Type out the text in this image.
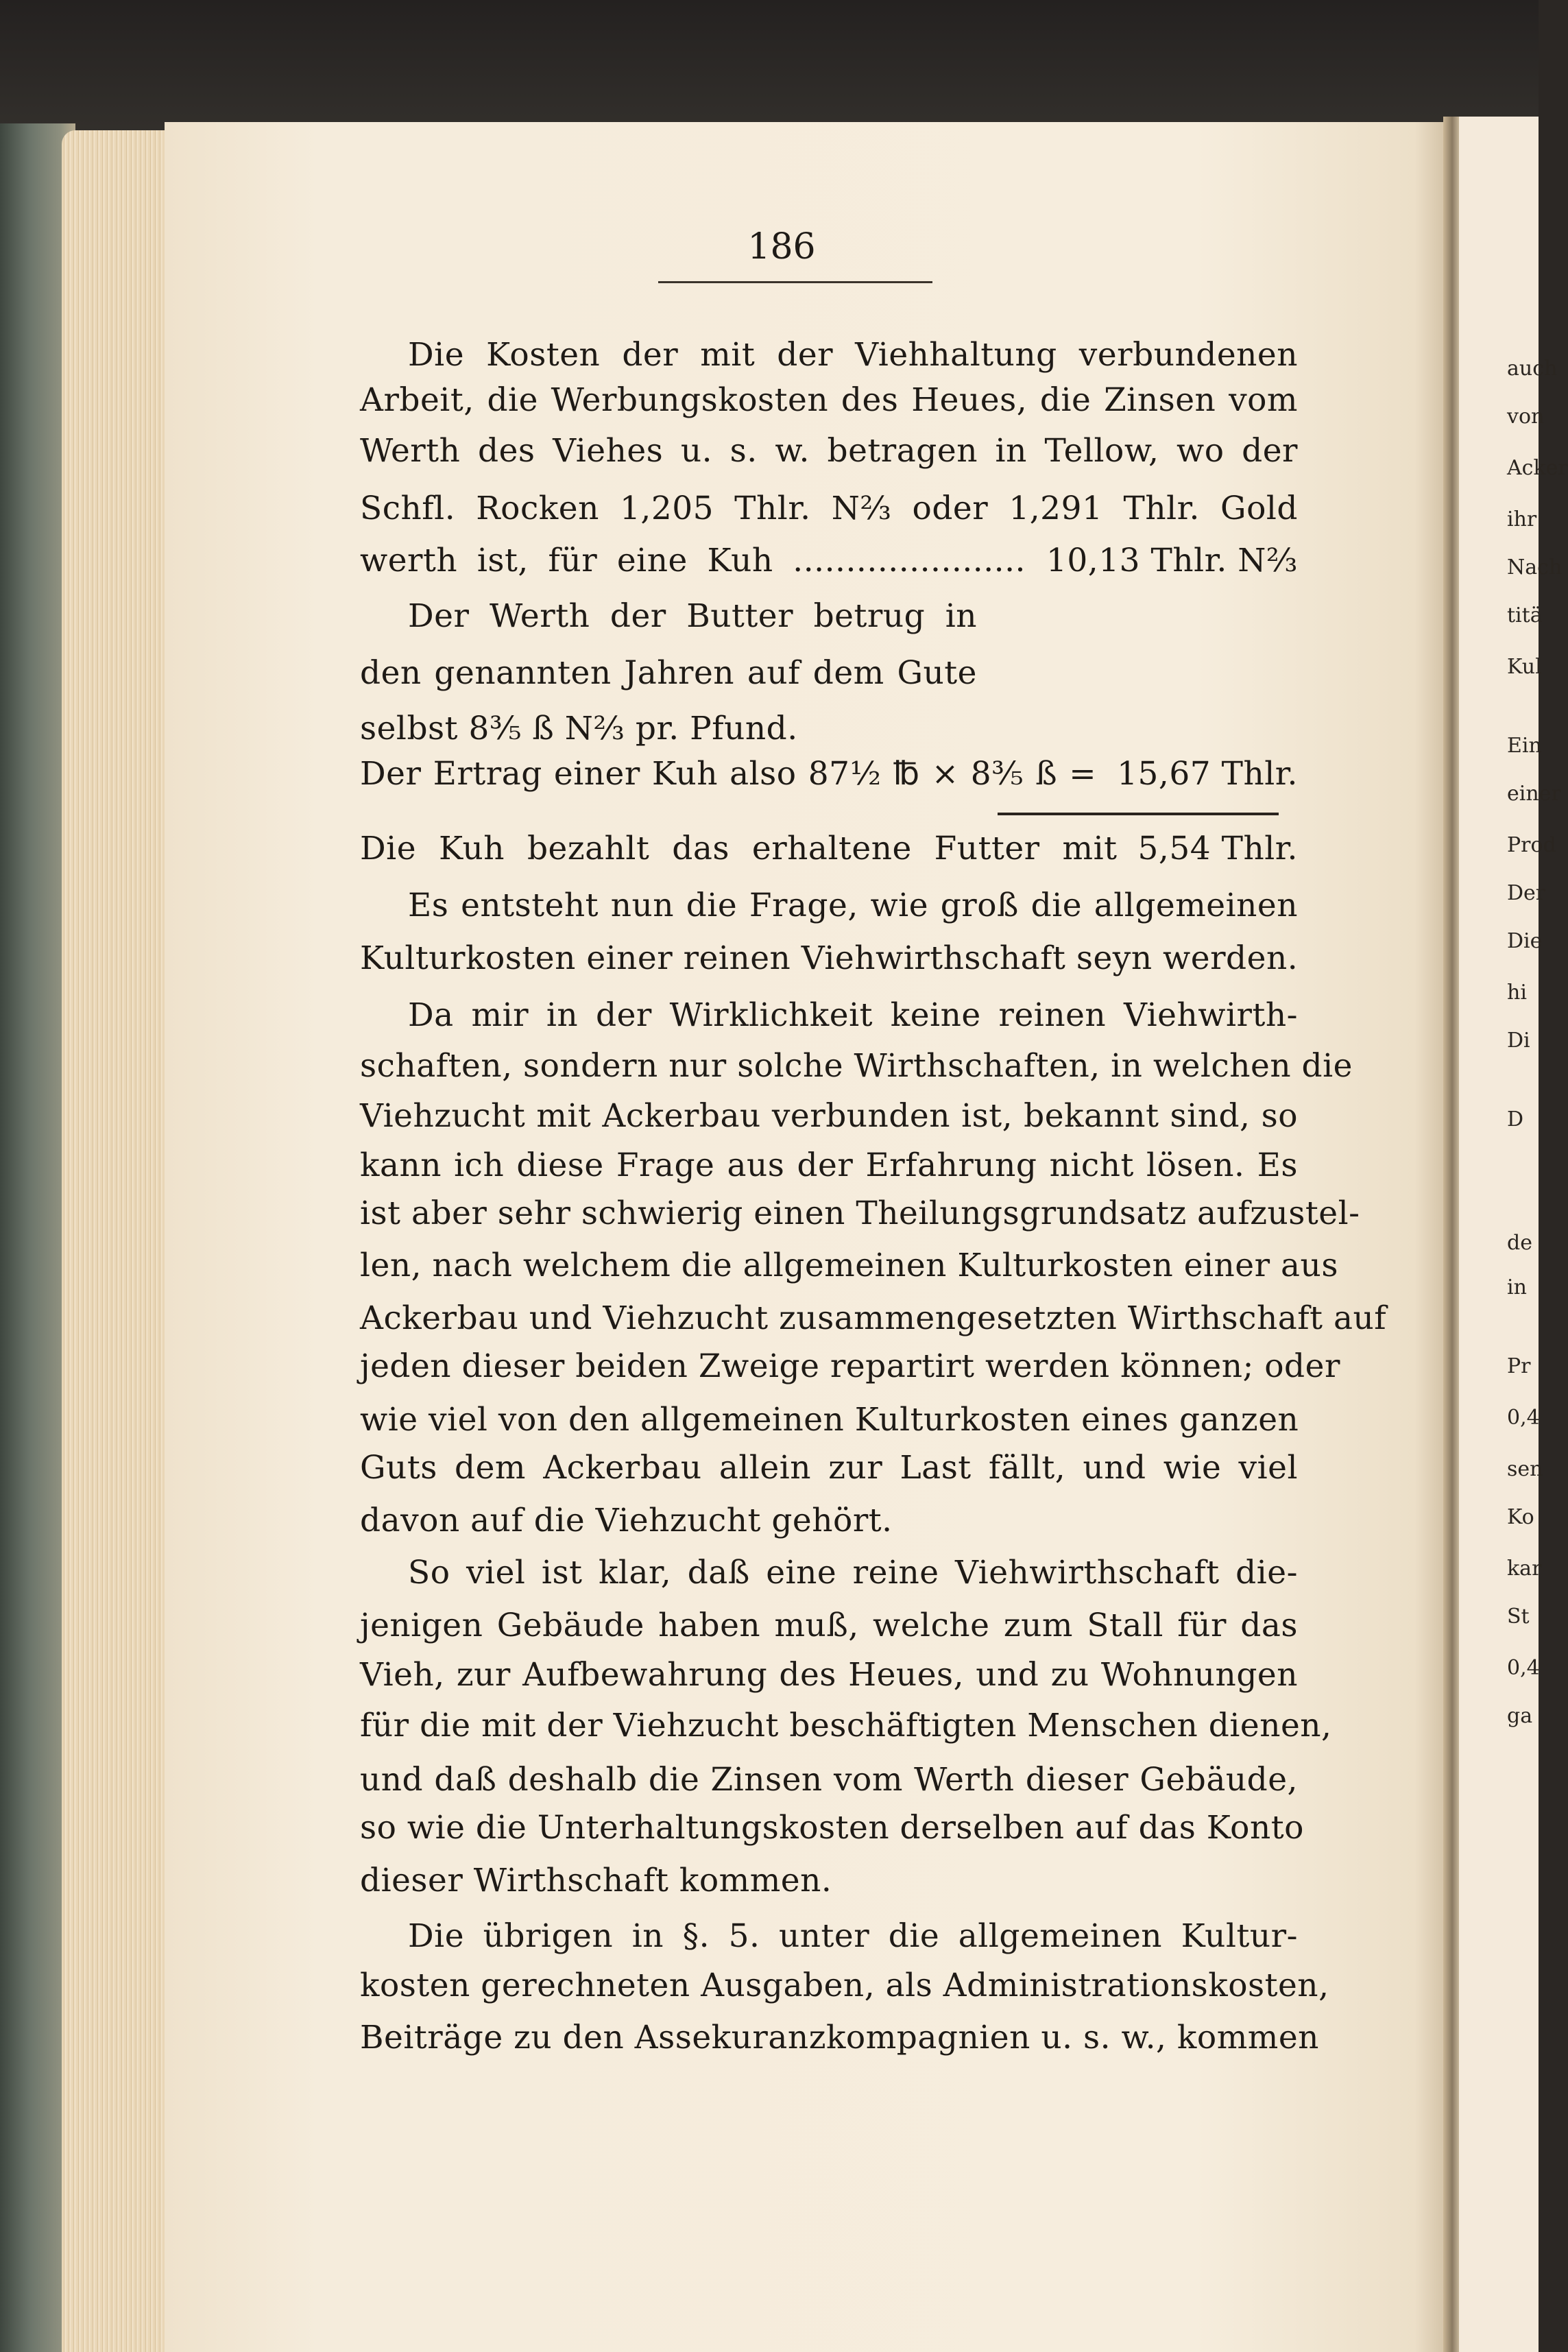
auch
von
Acker
ihr
Nach
titä
Kul
Ein
einer
Prod
Der
Die
hi
Di
D
de
in
Pr
0,4
sen
Ko
kar
St
0,4
ga
186
Die Kosten der mit der Viehhaltung verbundenen
Arbeit, die Werbungskosten des Heues, die Zinsen vom
Werth des Viehes u. s. w. betragen in Tellow, wo der
Schfl. Rocken 1,205 Thlr. N⅔ oder 1,291 Thlr. Gold
werth ist, für eine Kuh ...................... 10,13 Thlr. N⅔
Der Werth der Butter betrug in
den genannten Jahren auf dem Gute
selbst 8³⁄₅ ß N⅔ pr. Pfund.
Der Ertrag einer Kuh also 87½ ℔ × 8³⁄₅ ß = 15,67 Thlr.
Die Kuh bezahlt das erhaltene Futter mit 5,54 Thlr.
Es entsteht nun die Frage, wie groß die allgemeinen
Kulturkosten einer reinen Viehwirthschaft seyn werden.
Da mir in der Wirklichkeit keine reinen Viehwirth-
schaften, sondern nur solche Wirthschaften, in welchen die
Viehzucht mit Ackerbau verbunden ist, bekannt sind, so
kann ich diese Frage aus der Erfahrung nicht lösen. Es
ist aber sehr schwierig einen Theilungsgrundsatz aufzustel-
len, nach welchem die allgemeinen Kulturkosten einer aus
Ackerbau und Viehzucht zusammengesetzten Wirthschaft auf
jeden dieser beiden Zweige repartirt werden können; oder
wie viel von den allgemeinen Kulturkosten eines ganzen
Guts dem Ackerbau allein zur Last fällt, und wie viel
davon auf die Viehzucht gehört.
So viel ist klar, daß eine reine Viehwirthschaft die-
jenigen Gebäude haben muß, welche zum Stall für das
Vieh, zur Aufbewahrung des Heues, und zu Wohnungen
für die mit der Viehzucht beschäftigten Menschen dienen,
und daß deshalb die Zinsen vom Werth dieser Gebäude,
so wie die Unterhaltungskosten derselben auf das Konto
dieser Wirthschaft kommen.
Die übrigen in §. 5. unter die allgemeinen Kultur-
kosten gerechneten Ausgaben, als Administrationskosten,
Beiträge zu den Assekuranzkompagnien u. s. w., kommen
